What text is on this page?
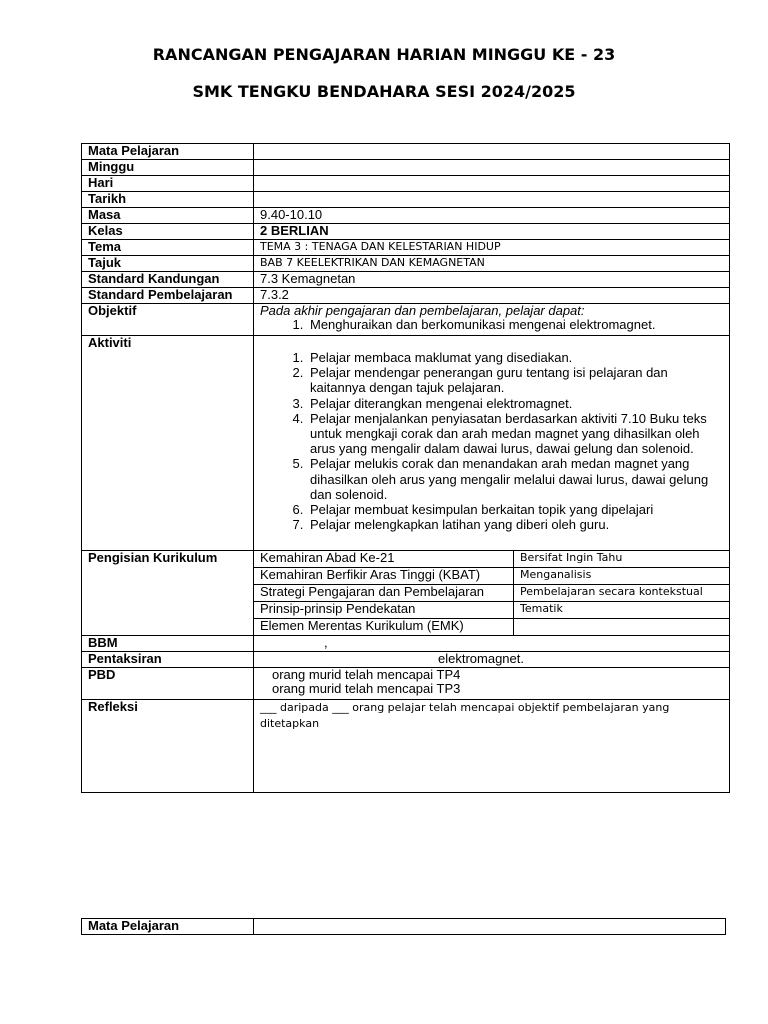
RANCANGAN PENGAJARAN HARIAN MINGGU KE - 23
SMK TENGKU BENDAHARA SESI 2024/2025
Mata Pelajaran	
Minggu	
Hari	
Tarikh	
Masa	9.40-10.10
Kelas	2 BERLIAN
Tema	TEMA 3 : TENAGA DAN KELESTARIAN HIDUP
Tajuk	BAB 7 KEELEKTRIKAN DAN KEMAGNETAN
Standard Kandungan	7.3 Kemagnetan
Standard Pembelajaran	7.3.2
Objektif	Pada akhir pengajaran dan pembelajaran, pelajar dapat:
1. Menghuraikan dan berkomunikasi mengenai elektromagnet.

Aktiviti	
1. Pelajar membaca maklumat yang disediakan.
2. Pelajar mendengar penerangan guru tentang isi pelajaran dan kaitannya dengan tajuk pelajaran.
3. Pelajar diterangkan mengenai elektromagnet.
4. Pelajar menjalankan penyiasatan berdasarkan aktiviti 7.10 Buku teks untuk mengkaji corak dan arah medan magnet yang dihasilkan oleh arus yang mengalir dalam dawai lurus, dawai gelung dan solenoid.
5. Pelajar melukis corak dan menandakan arah medan magnet yang dihasilkan oleh arus yang mengalir melalui dawai lurus, dawai gelung dan solenoid.
6. Pelajar membuat kesimpulan berkaitan topik yang dipelajari
7. Pelajar melengkapkan latihan yang diberi oleh guru.

Pengisian Kurikulum		Kemahiran Abad Ke-21	Bersifat Ingin Tahu
Kemahiran Berfikir Aras Tinggi (KBAT)	Menganalisis
Strategi Pengajaran dan Pembelajaran	Pembelajaran secara kontekstual
Prinsip-prinsip Pendekatan	Tematik
Elemen Merentas Kurikulum (EMK)	

BBM	,
Pentaksiran	elektromagnet.
PBD	orang murid telah mencapai TP4
orang murid telah mencapai TP3

Refleksi	___ daripada ___ orang pelajar telah mencapai objektif pembelajaran yang ditetapkan
Mata Pelajaran	
